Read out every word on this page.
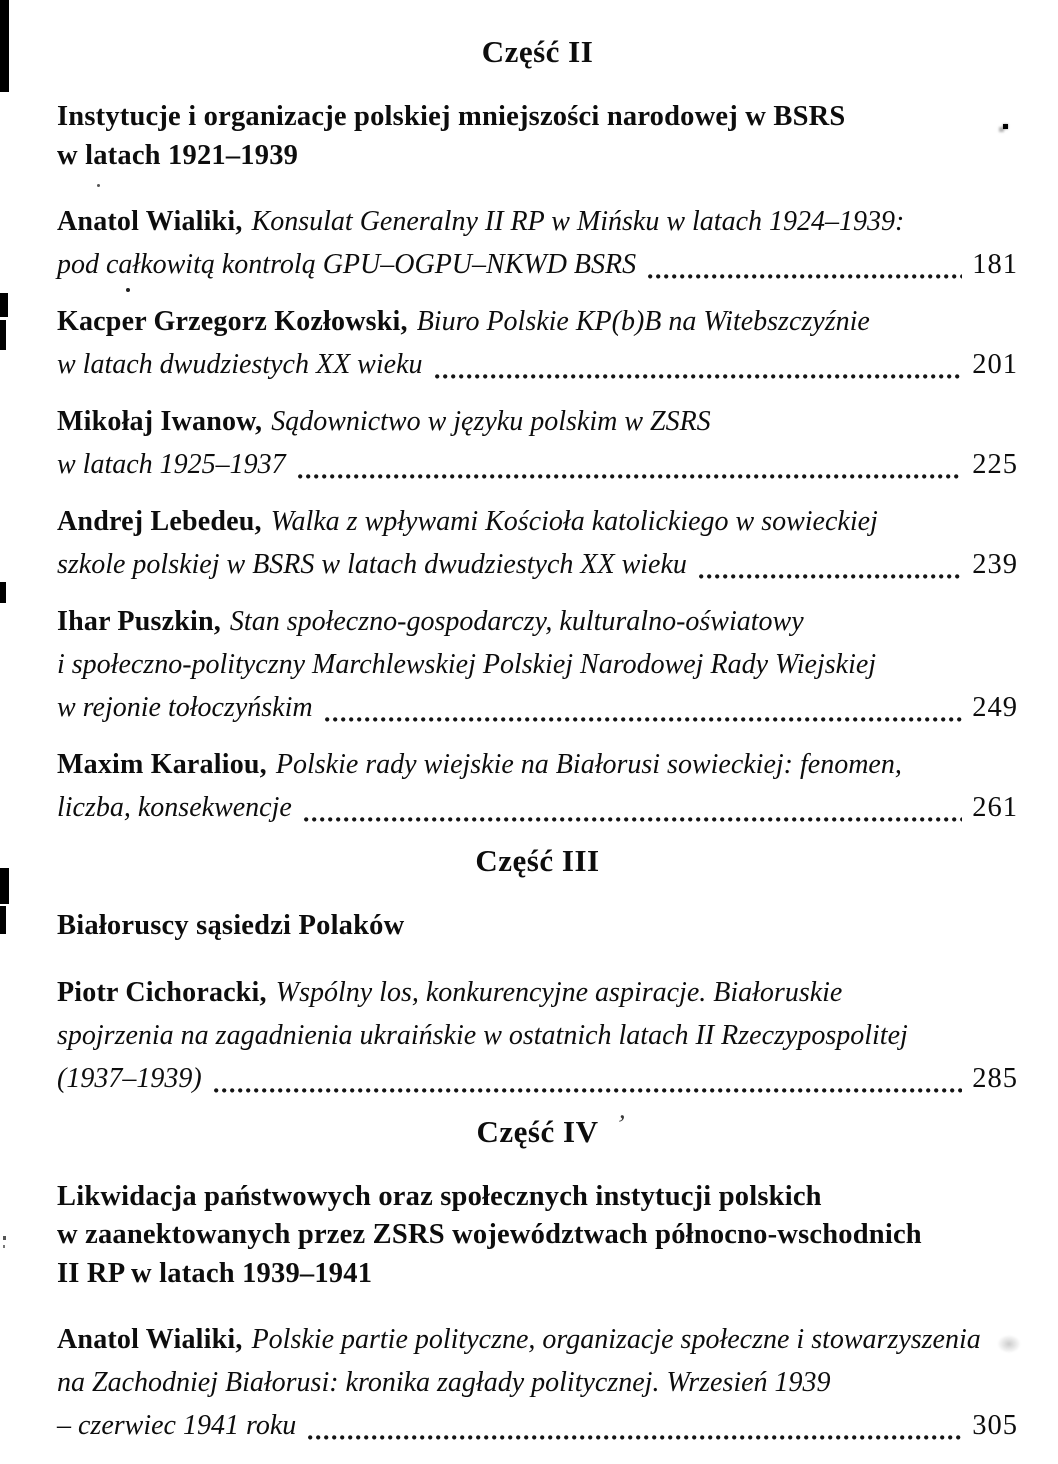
Część II
Instytucje i organizacje polskiej mniejszości narodowej w BSRS
w latach 1921–1939
Anatol Wialiki, Konsulat Generalny II RP w Mińsku w latach 1924–1939:
pod całkowitą kontrolą GPU–OGPU–NKWD BSRS	181
Kacper Grzegorz Kozłowski, Biuro Polskie KP(b)B na Witebszczyźnie
w latach dwudziestych XX wieku	201
Mikołaj Iwanow, Sądownictwo w języku polskim w ZSRS
w latach 1925–1937	225
Andrej Lebedeu, Walka z wpływami Kościoła katolickiego w sowieckiej
szkole polskiej w BSRS w latach dwudziestych XX wieku	239
Ihar Puszkin, Stan społeczno-gospodarczy, kulturalno-oświatowy
i społeczno-polityczny Marchlewskiej Polskiej Narodowej Rady Wiejskiej
w rejonie tołoczyńskim	249
Maxim Karaliou, Polskie rady wiejskie na Białorusi sowieckiej: fenomen,
liczba, konsekwencje	261
Część III
Białoruscy sąsiedzi Polaków
Piotr Cichoracki, Wspólny los, konkurencyjne aspiracje. Białoruskie
spojrzenia na zagadnienia ukraińskie w ostatnich latach II Rzeczypospolitej
(1937–1939)	285
Część IV
Likwidacja państwowych oraz społecznych instytucji polskich
w zaanektowanych przez ZSRS województwach północno-wschodnich
II RP w latach 1939–1941
Anatol Wialiki, Polskie partie polityczne, organizacje społeczne i stowarzyszenia
na Zachodniej Białorusi: kronika zagłady politycznej. Wrzesień 1939
– czerwiec 1941 roku	305
,
